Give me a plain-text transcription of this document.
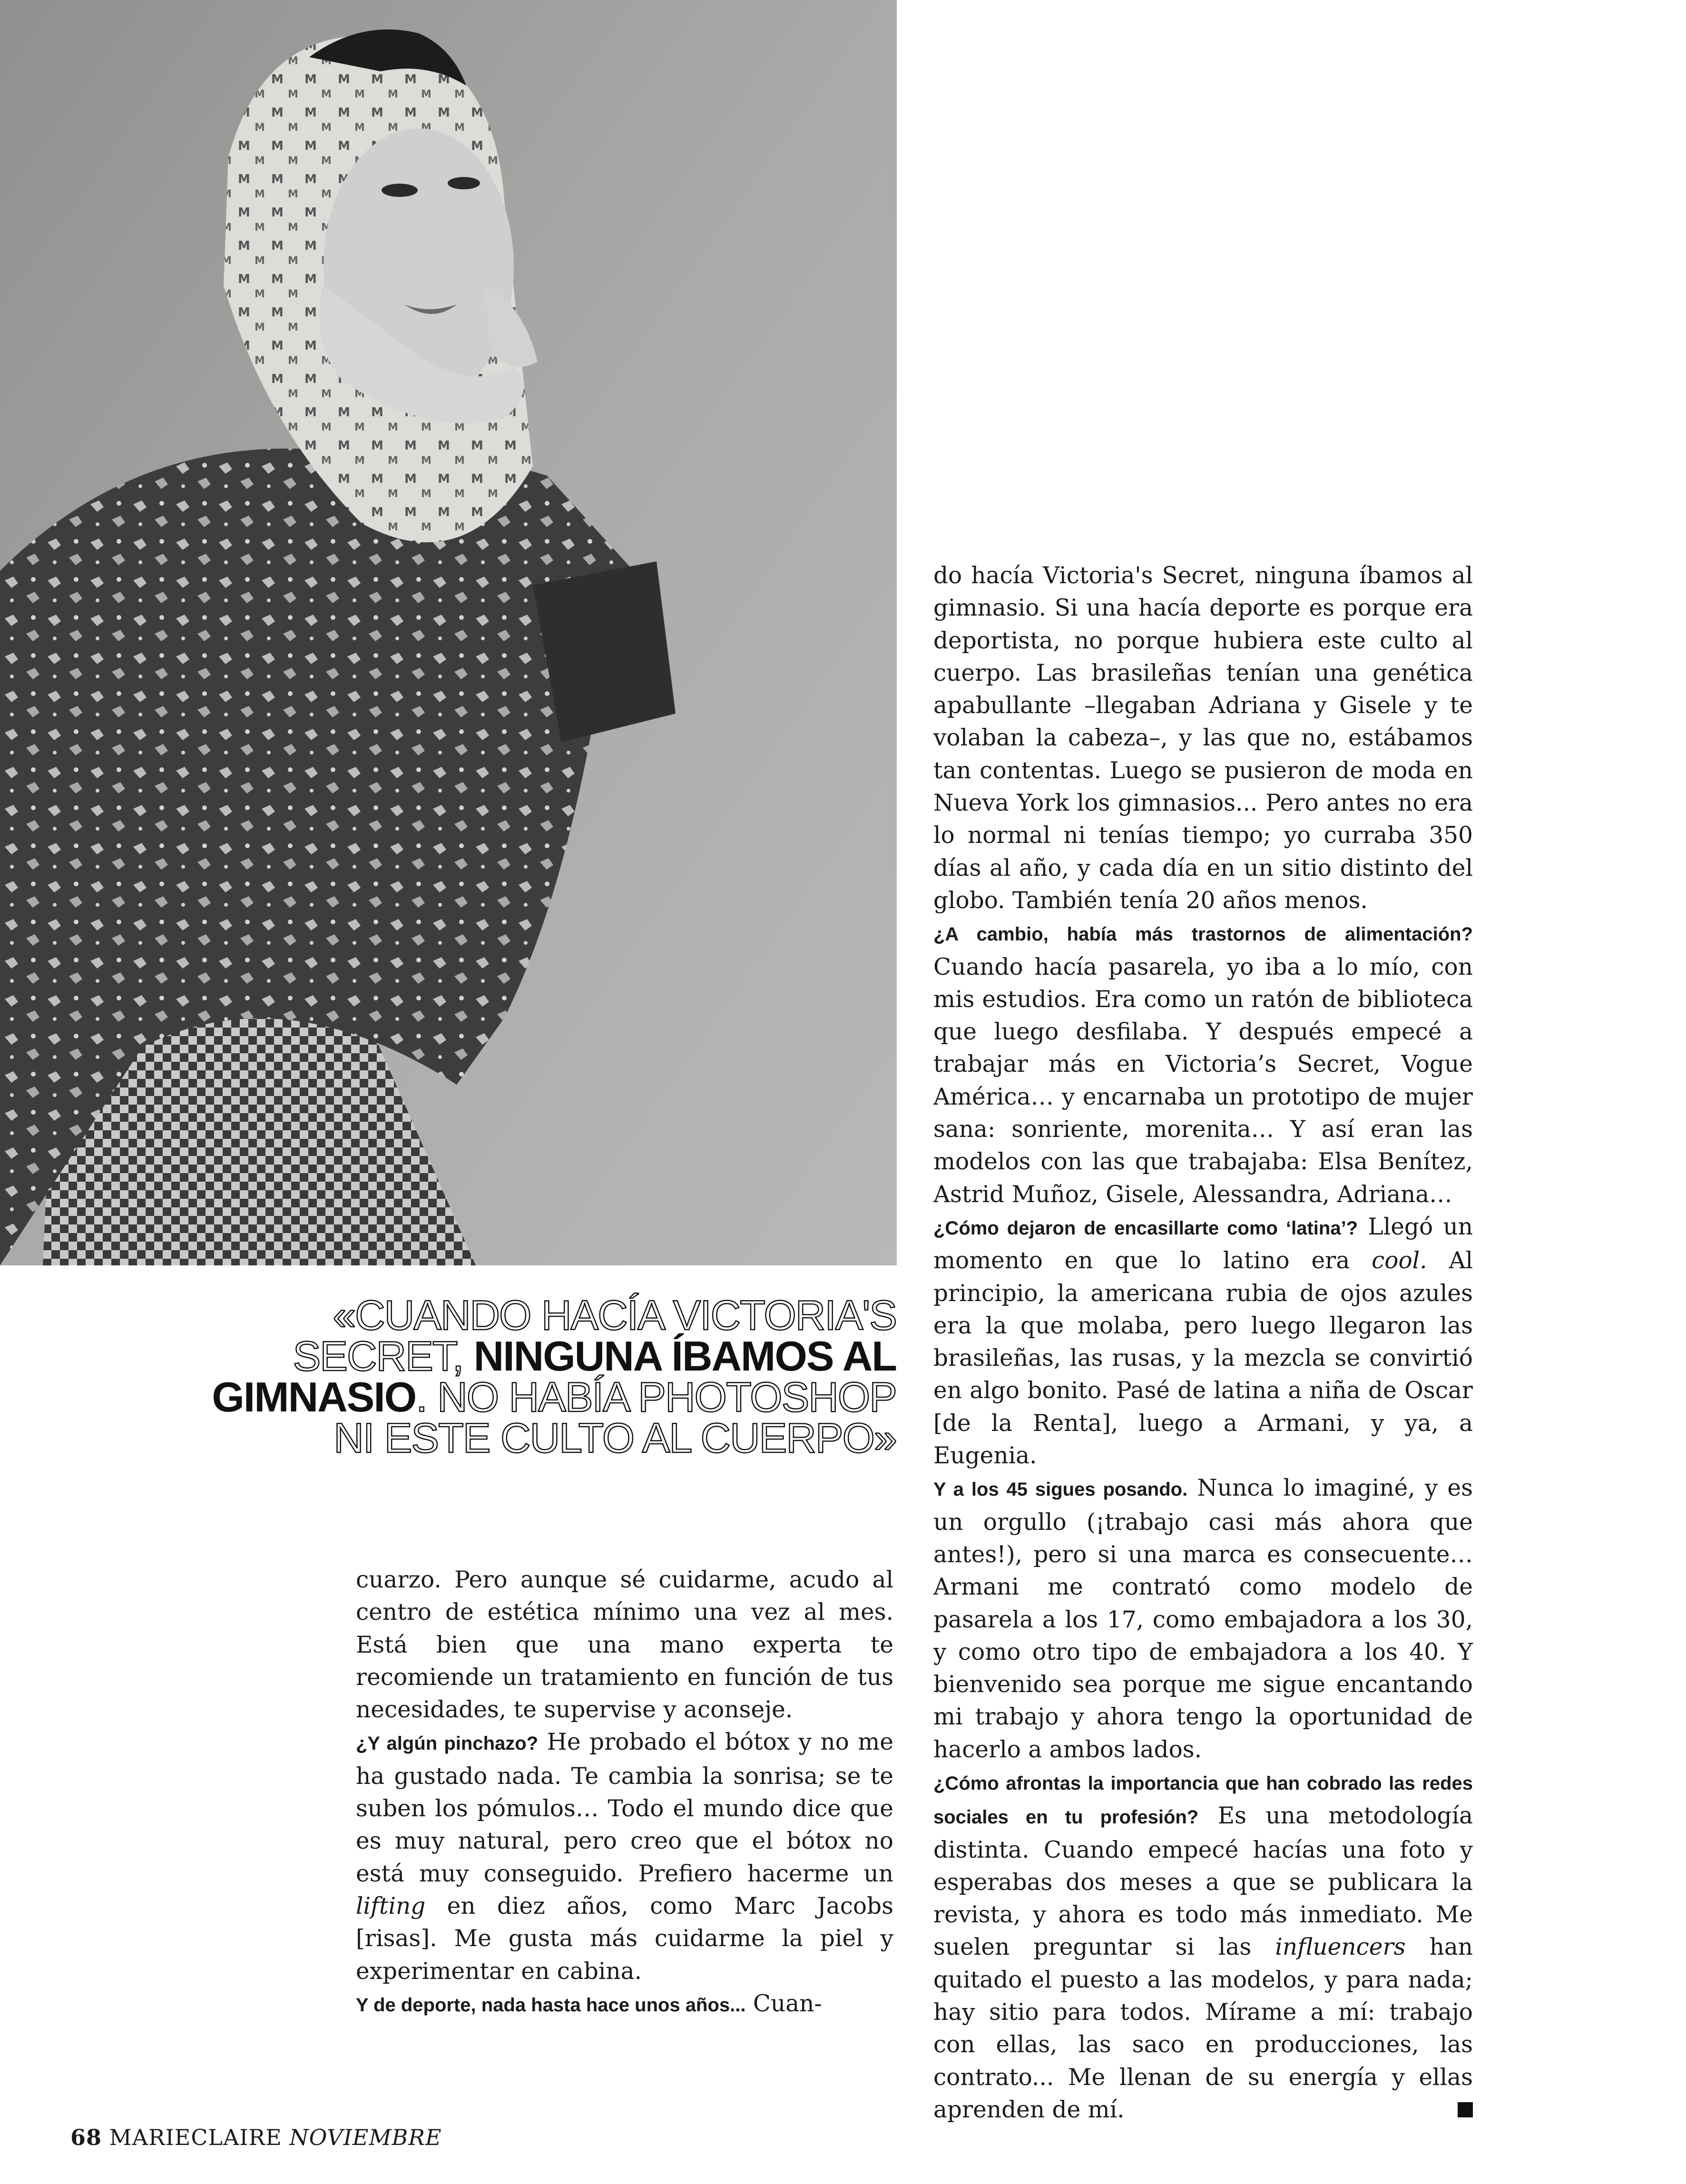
«CUANDO HACÍA VICTORIA'S SECRET, NINGUNA ÍBAMOS AL GIMNASIO. NO HABÍA PHOTOSHOP NI ESTE CULTO AL CUERPO»

cuarzo. Pero aunque sé cuidarme, acudo al centro de estética mínimo una vez al mes. Está bien que una mano experta te recomiende un tratamiento en función de tus necesidades, te supervise y aconseje.

¿Y algún pinchazo? He probado el bótox y no me ha gustado nada. Te cambia la sonrisa; se te suben los pómulos… Todo el mundo dice que es muy natural, pero creo que el bótox no está muy conseguido. Prefiero hacerme un lifting en diez años, como Marc Jacobs [risas]. Me gusta más cuidarme la piel y experimentar en cabina.

Y de deporte, nada hasta hace unos años... Cuan-

do hacía Victoria's Secret, ninguna íbamos al gimnasio. Si una hacía deporte es porque era deportista, no porque hubiera este culto al cuerpo. Las brasileñas tenían una genética apabullante –llegaban Adriana y Gisele y te volaban la cabeza–, y las que no, estábamos tan contentas. Luego se pusieron de moda en Nueva York los gimnasios... Pero antes no era lo normal ni tenías tiempo; yo curraba 350 días al año, y cada día en un sitio distinto del globo. También tenía 20 años menos.

¿A cambio, había más trastornos de alimentación? Cuando hacía pasarela, yo iba a lo mío, con mis estudios. Era como un ratón de biblioteca que luego desfilaba. Y después empecé a trabajar más en Victoria’s Secret, Vogue América… y encarnaba un prototipo de mujer sana: sonriente, morenita… Y así eran las modelos con las que trabajaba: Elsa Benítez, Astrid Muñoz, Gisele, Alessandra, Adriana…

¿Cómo dejaron de encasillarte como ‘latina’? Llegó un momento en que lo latino era cool. Al principio, la americana rubia de ojos azules era la que molaba, pero luego llegaron las brasileñas, las rusas, y la mezcla se convirtió en algo bonito. Pasé de latina a niña de Oscar [de la Renta], luego a Armani, y ya, a Eugenia.

Y a los 45 sigues posando. Nunca lo imaginé, y es un orgullo (¡trabajo casi más ahora que antes!), pero si una marca es consecuente… Armani me contrató como modelo de pasarela a los 17, como embajadora a los 30, y como otro tipo de embajadora a los 40. Y bienvenido sea porque me sigue encantando mi trabajo y ahora tengo la oportunidad de hacerlo a ambos lados.

¿Cómo afrontas la importancia que han cobrado las redes sociales en tu profesión? Es una metodología distinta. Cuando empecé hacías una foto y esperabas dos meses a que se publicara la revista, y ahora es todo más inmediato. Me suelen preguntar si las influencers han quitado el puesto a las modelos, y para nada; hay sitio para todos. Mírame a mí: trabajo con ellas, las saco en producciones, las contrato... Me llenan de su energía y ellas aprenden de mí.

68 MARIECLAIRE NOVIEMBRE
